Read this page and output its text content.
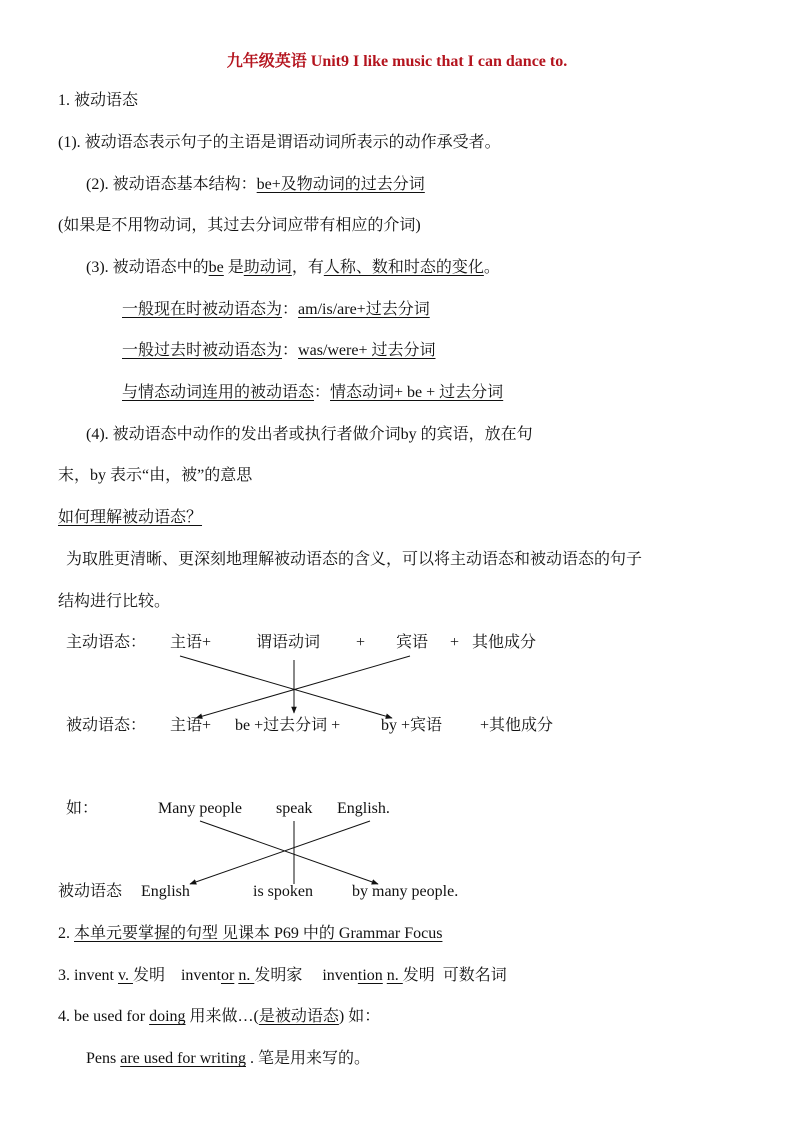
九年级英语 Unit9 I like music that I can dance to.
1. 被动语态
(1). 被动语态表示句子的主语是谓语动词所表示的动作承受者。
(2). 被动语态基本结构：be+及物动词的过去分词
(如果是不用物动词，其过去分词应带有相应的介词)
(3). 被动语态中的be 是助动词，有人称、数和时态的变化。
一般现在时被动语态为：am/is/are+过去分词
一般过去时被动语态为：was/were+ 过去分词
与情态动词连用的被动语态：情态动词+ be + 过去分词
(4). 被动语态中动作的发出者或执行者做介词by 的宾语，放在句
末，by 表示“由，被”的意思
如何理解被动语态？
为取胜更清晰、更深刻地理解被动语态的含义，可以将主动语态和被动语态的句子
结构进行比较。
主动语态： 主语+	谓语动词 + 宾语 + 其他成分
被动语态： 主语+ be +过去分词 +	by +宾语 +其他成分
如：	Many people speak English.
被动语态 English	is spoken by many people.
2. 本单元要掌握的句型 见课本 P69 中的 Grammar Focus
3. invent v. 发明 inventor n. 发明家 invention n. 发明 可数名词
4. be used for doing 用来做…(是被动语态) 如：
Pens are used for writing . 笔是用来写的。
